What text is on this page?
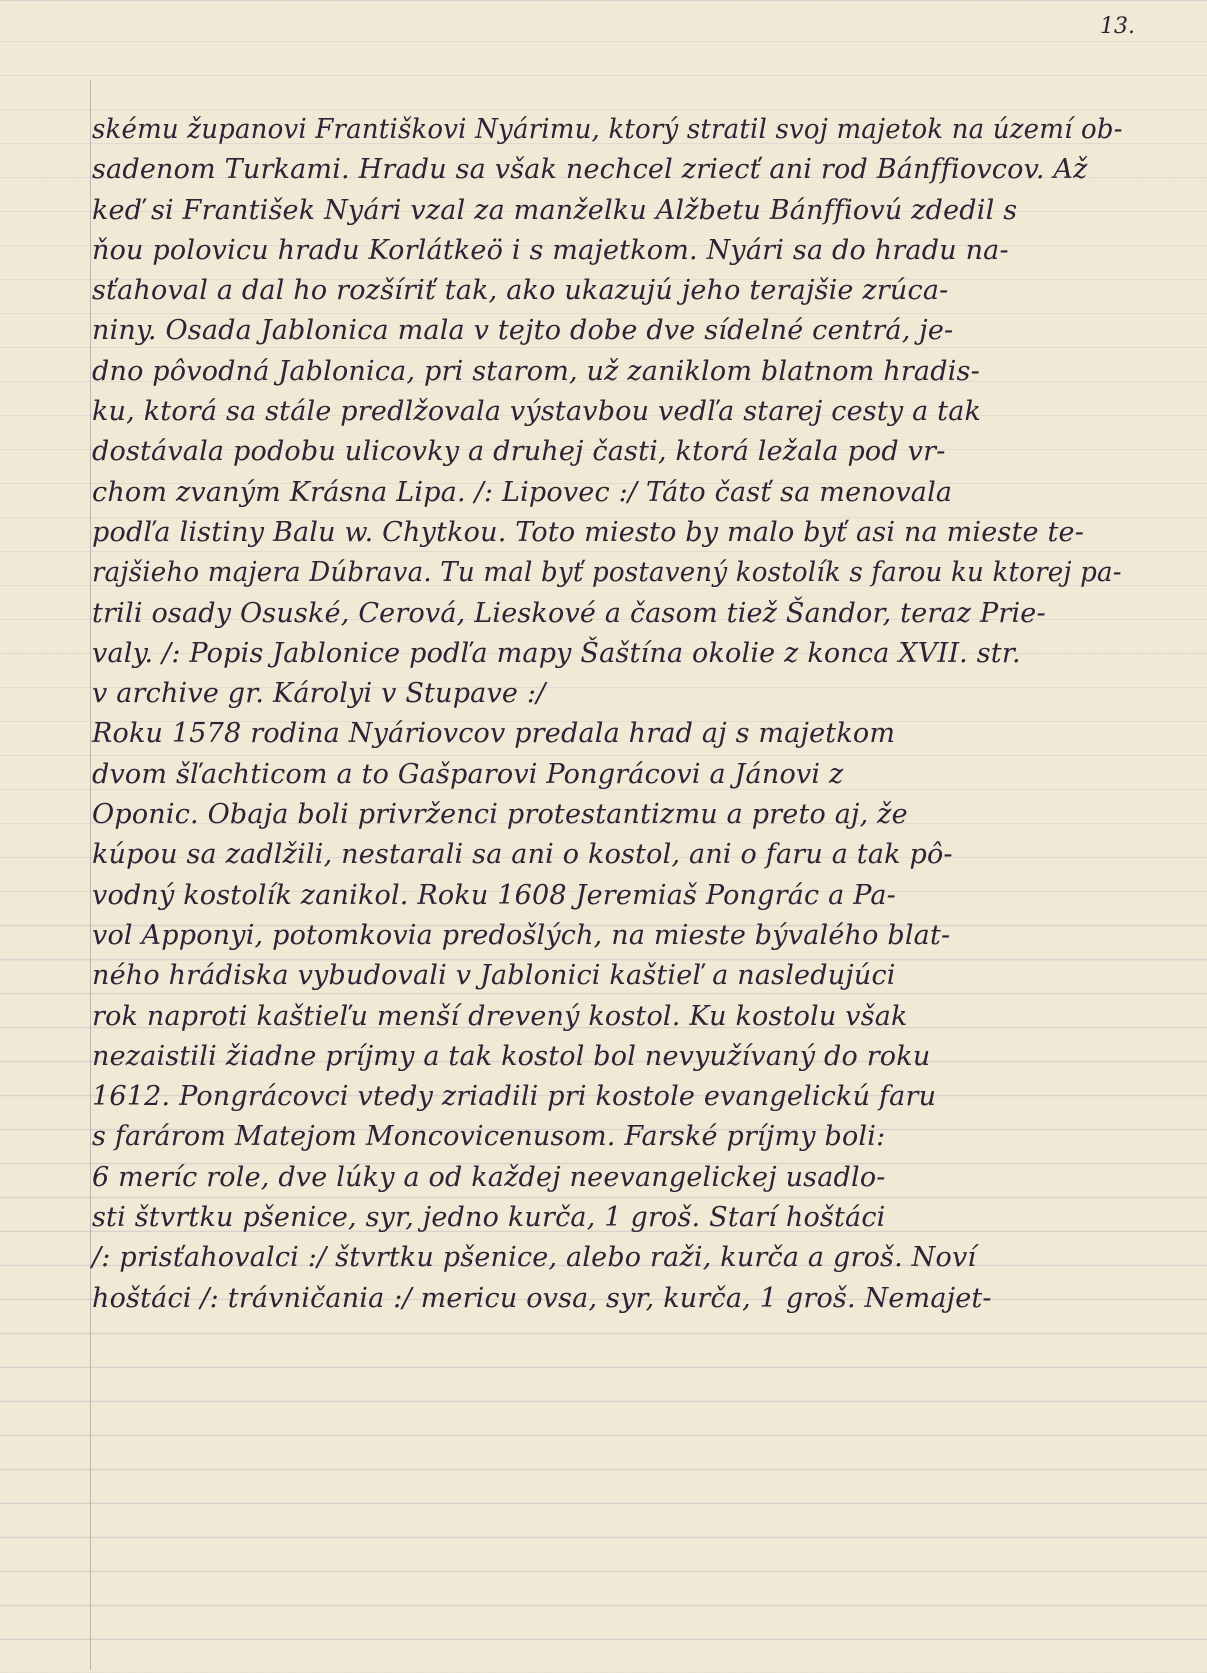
13.
skému županovi Františkovi Nyárimu, ktorý stratil svoj majetok na území ob-
sadenom Turkami. Hradu sa však nechcel zriecť ani rod Bánffiovcov. Až
keď si František Nyári vzal za manželku Alžbetu Bánffiovú zdedil s
ňou polovicu hradu Korlátkeö i s majetkom. Nyári sa do hradu na-
sťahoval a dal ho rozšíriť tak, ako ukazujú jeho terajšie zrúca-
niny. Osada Jablonica mala v tejto dobe dve sídelné centrá, je-
dno pôvodná Jablonica, pri starom, už zaniklom blatnom hradis-
ku, ktorá sa stále predlžovala výstavbou vedľa starej cesty a tak
dostávala podobu ulicovky a druhej časti, ktorá ležala pod vr-
chom zvaným Krásna Lipa. /: Lipovec :/ Táto časť sa menovala
podľa listiny Balu w. Chytkou. Toto miesto by malo byť asi na mieste te-
rajšieho majera Dúbrava. Tu mal byť postavený kostolík s farou ku ktorej pa-
trili osady Osuské, Cerová, Lieskové a časom tiež Šandor, teraz Prie-
valy. /: Popis Jablonice podľa mapy Šaštína okolie z konca XVII. str.
v archive gr. Károlyi v Stupave :/
Roku 1578 rodina Nyáriovcov predala hrad aj s majetkom
dvom šľachticom a to Gašparovi Pongrácovi a Jánovi z
Oponic. Obaja boli privrženci protestantizmu a preto aj, že
kúpou sa zadlžili, nestarali sa ani o kostol, ani o faru a tak pô-
vodný kostolík zanikol. Roku 1608 Jeremiaš Pongrác a Pa-
vol Apponyi, potomkovia predošlých, na mieste bývalého blat-
ného hrádiska vybudovali v Jablonici kaštieľ a nasledujúci
rok naproti kaštieľu menší drevený kostol. Ku kostolu však
nezaistili žiadne príjmy a tak kostol bol nevyužívaný do roku
1612. Pongrácovci vtedy zriadili pri kostole evangelickú faru
s farárom Matejom Moncovicenusom. Farské príjmy boli:
6 meríc role, dve lúky a od každej neevangelickej usadlo-
sti štvrtku pšenice, syr, jedno kurča, 1 groš. Starí hoštáci
/: prisťahovalci :/ štvrtku pšenice, alebo raži, kurča a groš. Noví
hoštáci /: trávničania :/ mericu ovsa, syr, kurča, 1 groš. Nemajet-
